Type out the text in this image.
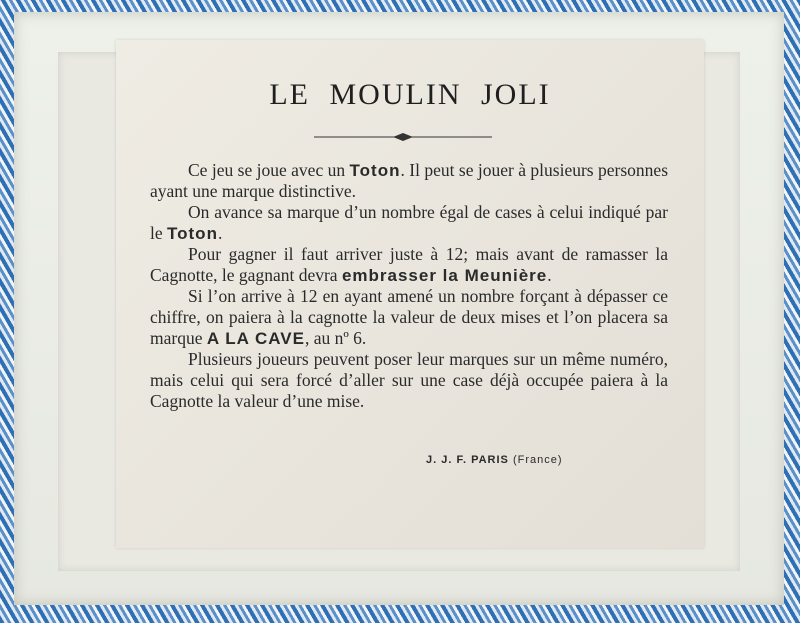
LE MOULIN JOLI

Ce jeu se joue avec un Toton. Il peut se jouer à plusieurs personnes ayant une marque distinctive.

On avance sa marque d’un nombre égal de cases à celui indiqué par le Toton.

Pour gagner il faut arriver juste à 12; mais avant de ramasser la Cagnotte, le gagnant devra embrasser la Meunière.

Si l’on arrive à 12 en ayant amené un nombre forçant à dépasser ce chiffre, on paiera à la cagnotte la valeur de deux mises et l’on placera sa marque A LA CAVE, au nº 6.

Plusieurs joueurs peuvent poser leur marques sur un même numéro, mais celui qui sera forcé d’aller sur une case déjà occupée paiera à la Cagnotte la valeur d’une mise.

J. J. F. PARIS (France)
